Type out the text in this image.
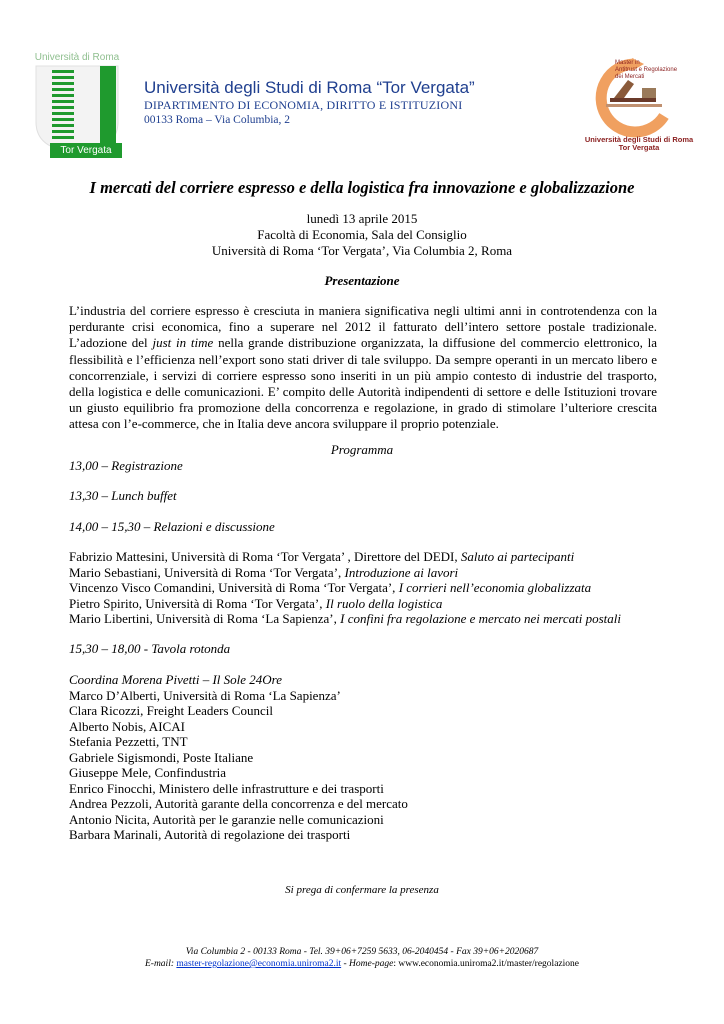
Università di Roma
Tor Vergata
Università degli Studi di Roma “Tor Vergata”
DIPARTIMENTO DI ECONOMIA, DIRITTO E ISTITUZIONI
00133 Roma – Via Columbia, 2
Master in
Antitrust e Regolazione
dei Mercati
Università degli Studi di Roma
Tor Vergata
I mercati del corriere espresso e della logistica fra innovazione e globalizzazione
lunedì 13 aprile 2015
Facoltà di Economia, Sala del Consiglio
Università di Roma ‘Tor Vergata’, Via Columbia 2, Roma
Presentazione
L’industria del corriere espresso è cresciuta in maniera significativa negli ultimi anni in controtendenza con la perdurante crisi economica, fino a superare nel 2012 il fatturato dell’intero settore postale tradizionale. L’adozione del just in time nella grande distribuzione organizzata, la diffusione del commercio elettronico, la flessibilità e l’efficienza nell’export sono stati driver di tale sviluppo. Da sempre operanti in un mercato libero e concorrenziale, i servizi di corriere espresso sono inseriti in un più ampio contesto di industrie del trasporto, della logistica e delle comunicazioni. E’ compito delle Autorità indipendenti di settore e delle Istituzioni trovare un giusto equilibrio fra promozione della concorrenza e regolazione, in grado di stimolare l’ulteriore crescita attesa con l’e-commerce, che in Italia deve ancora sviluppare il proprio potenziale.
Programma
13,00 – Registrazione
13,30 – Lunch buffet
14,00 – 15,30 – Relazioni e discussione
Fabrizio Mattesini, Università di Roma ‘Tor Vergata’ , Direttore del DEDI, Saluto ai partecipanti
Mario Sebastiani, Università di Roma ‘Tor Vergata’, Introduzione ai lavori
Vincenzo Visco Comandini, Università di Roma ‘Tor Vergata’, I corrieri nell’economia globalizzata
Pietro Spirito, Università di Roma ‘Tor Vergata’, Il ruolo della logistica
Mario Libertini, Università di Roma ‘La Sapienza’, I confini fra regolazione e mercato nei mercati postali
15,30 – 18,00 - Tavola rotonda
Coordina Morena Pivetti – Il Sole 24Ore
Marco D’Alberti, Università di Roma ‘La Sapienza’
Clara Ricozzi, Freight Leaders Council
Alberto Nobis, AICAI
Stefania Pezzetti, TNT
Gabriele Sigismondi, Poste Italiane
Giuseppe Mele, Confindustria
Enrico Finocchi, Ministero delle infrastrutture e dei trasporti
Andrea Pezzoli, Autorità garante della concorrenza e del mercato
Antonio Nicita, Autorità per le garanzie nelle comunicazioni
Barbara Marinali, Autorità di regolazione dei trasporti
Si prega di confermare la presenza
Via Columbia 2 - 00133 Roma - Tel. 39+06+7259 5633, 06-2040454 - Fax 39+06+2020687
E-mail: master-regolazione@economia.uniroma2.it - Home-page: www.economia.uniroma2.it/master/regolazione
